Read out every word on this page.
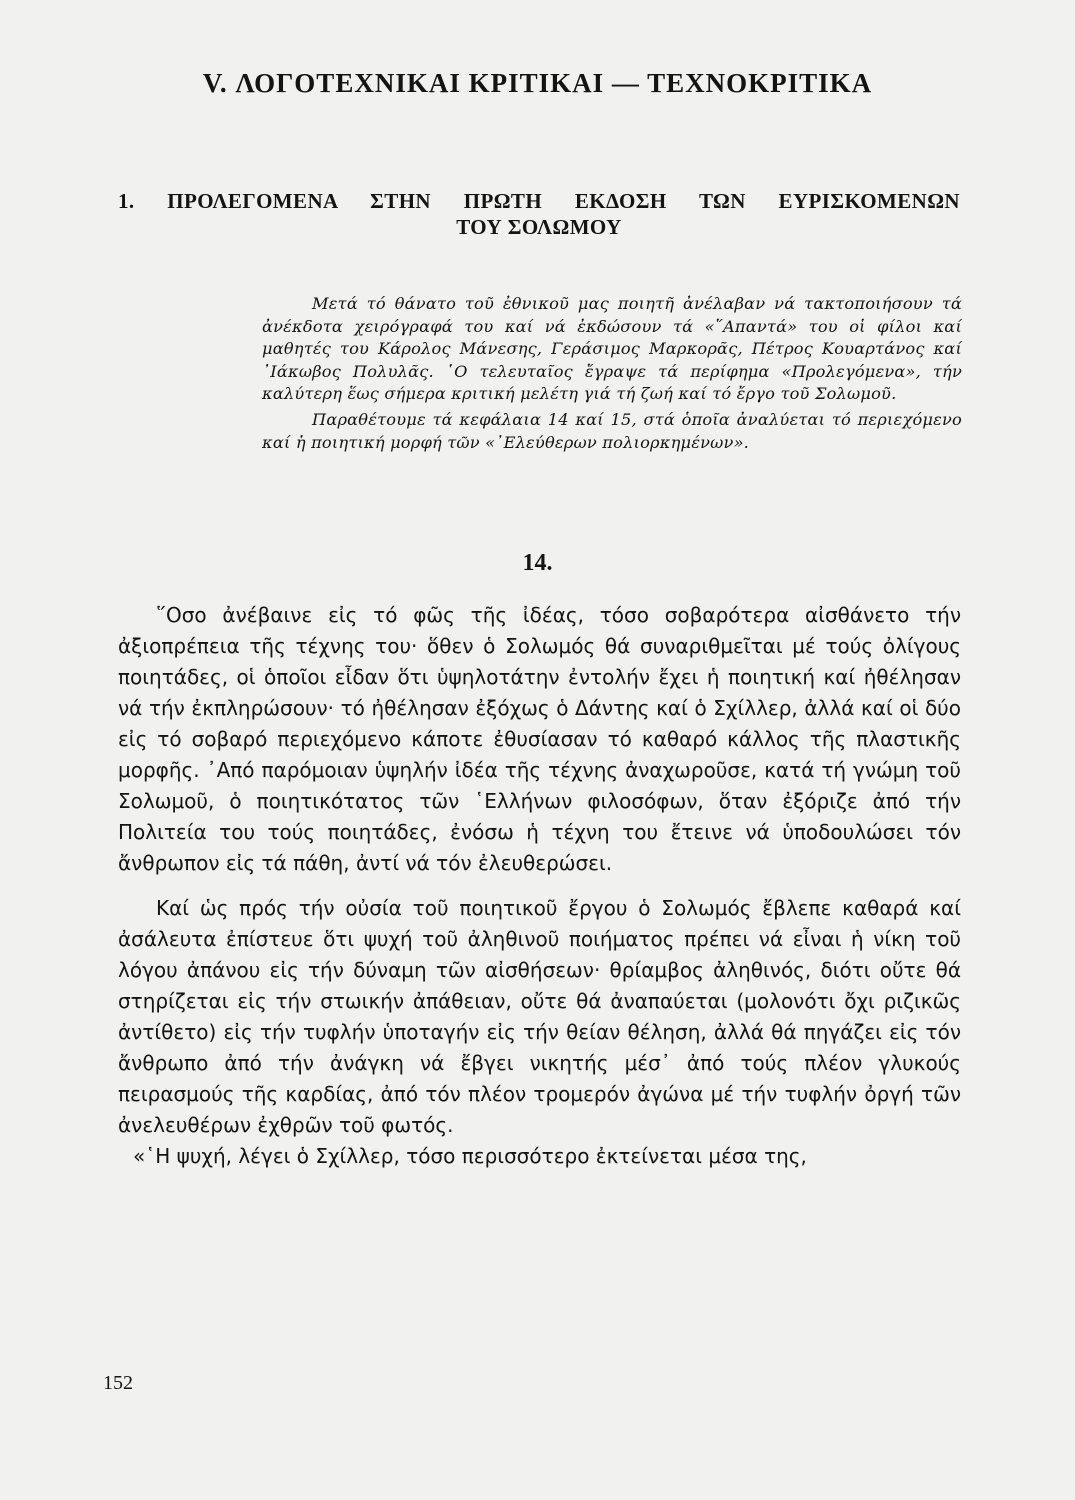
V. ΛΟΓΟΤΕΧΝΙΚΑΙ ΚΡΙΤΙΚΑΙ — ΤΕΧΝΟΚΡΙΤΙΚΑ
1. ΠΡΟΛΕΓΟΜΕΝΑ ΣΤΗΝ ΠΡΩΤΗ ΕΚΔΟΣΗ ΤΩΝ ΕΥΡΙΣΚΟΜΕΝΩΝ
ΤΟΥ ΣΟΛΩΜΟΥ

Μετά τό θάνατο τοῦ ἐθνικοῦ μας ποιητῆ ἀνέλαβαν νά τακτοποιήσουν τά ἀνέκδοτα χειρόγραφά του καί νά ἐκδώσουν τά «῞Απαντά» του οἱ φίλοι καί μαθητές του Κάρολος Μάνεσης, Γεράσιμος Μαρκορᾶς, Πέτρος Κουαρτάνος καί ᾿Ιάκωβος Πολυλᾶς. ῾Ο τελευταῖος ἔγραψε τά περίφημα «Προλεγόμενα», τήν καλύτερη ἕως σήμερα κριτική μελέτη γιά τή ζωή καί τό ἔργο τοῦ Σολωμοῦ.

Παραθέτουμε τά κεφάλαια 14 καί 15, στά ὁποῖα ἀναλύεται τό περιεχόμενο καί ἡ ποιητική μορφή τῶν «᾿Ελεύθερων πολιορκημένων».

14.

῞Οσο ἀνέβαινε εἰς τό φῶς τῆς ἰδέας, τόσο σοβαρότερα αἰσθάνετο τήν ἀξιοπρέπεια τῆς τέχνης του· ὅθεν ὁ Σολωμός θά συναριθμεῖται μέ τούς ὀλίγους ποιητάδες, οἱ ὁποῖοι εἶδαν ὅτι ὑψηλοτάτην ἐντολήν ἔχει ἡ ποιητική καί ἠθέλησαν νά τήν ἐκπληρώσουν· τό ἠθέλησαν ἐξόχως ὁ Δάντης καί ὁ Σχίλλερ, ἀλλά καί οἱ δύο εἰς τό σοβαρό περιεχόμενο κάποτε ἐθυσίασαν τό καθαρό κάλλος τῆς πλαστικῆς μορφῆς. ᾿Από παρόμοιαν ὑψηλήν ἰδέα τῆς τέχνης ἀναχωροῦσε, κατά τή γνώμη τοῦ Σολωμοῦ, ὁ ποιητικότατος τῶν ῾Ελλήνων φιλοσόφων, ὅταν ἐξόριζε ἀπό τήν Πολιτεία του τούς ποιητάδες, ἐνόσω ἡ τέχνη του ἔτεινε νά ὑποδουλώσει τόν ἄνθρωπον εἰς τά πάθη, ἀντί νά τόν ἐλευθερώσει.

Καί ὡς πρός τήν οὐσία τοῦ ποιητικοῦ ἔργου ὁ Σολωμός ἔβλεπε καθαρά καί ἀσάλευτα ἐπίστευε ὅτι ψυχή τοῦ ἀληθινοῦ ποιήματος πρέπει νά εἶναι ἡ νίκη τοῦ λόγου ἀπάνου εἰς τήν δύναμη τῶν αἰσθήσεων· θρίαμβος ἀληθινός, διότι οὔτε θά στηρίζεται εἰς τήν στωικήν ἀπάθειαν, οὔτε θά ἀναπαύεται (μολονότι ὄχι ριζικῶς ἀντίθετο) εἰς τήν τυφλήν ὑποταγήν εἰς τήν θείαν θέληση, ἀλλά θά πηγάζει εἰς τόν ἄνθρωπο ἀπό τήν ἀνάγκη νά ἔβγει νικητής μέσ᾿ ἀπό τούς πλέον γλυκούς πειρασμούς τῆς καρδίας, ἀπό τόν πλέον τρομερόν ἀγώνα μέ τήν τυφλήν ὀργή τῶν ἀνελευθέρων ἐχθρῶν τοῦ φωτός.

«῾Η ψυχή, λέγει ὁ Σχίλλερ, τόσο περισσότερο ἐκτείνεται μέσα της,

152
